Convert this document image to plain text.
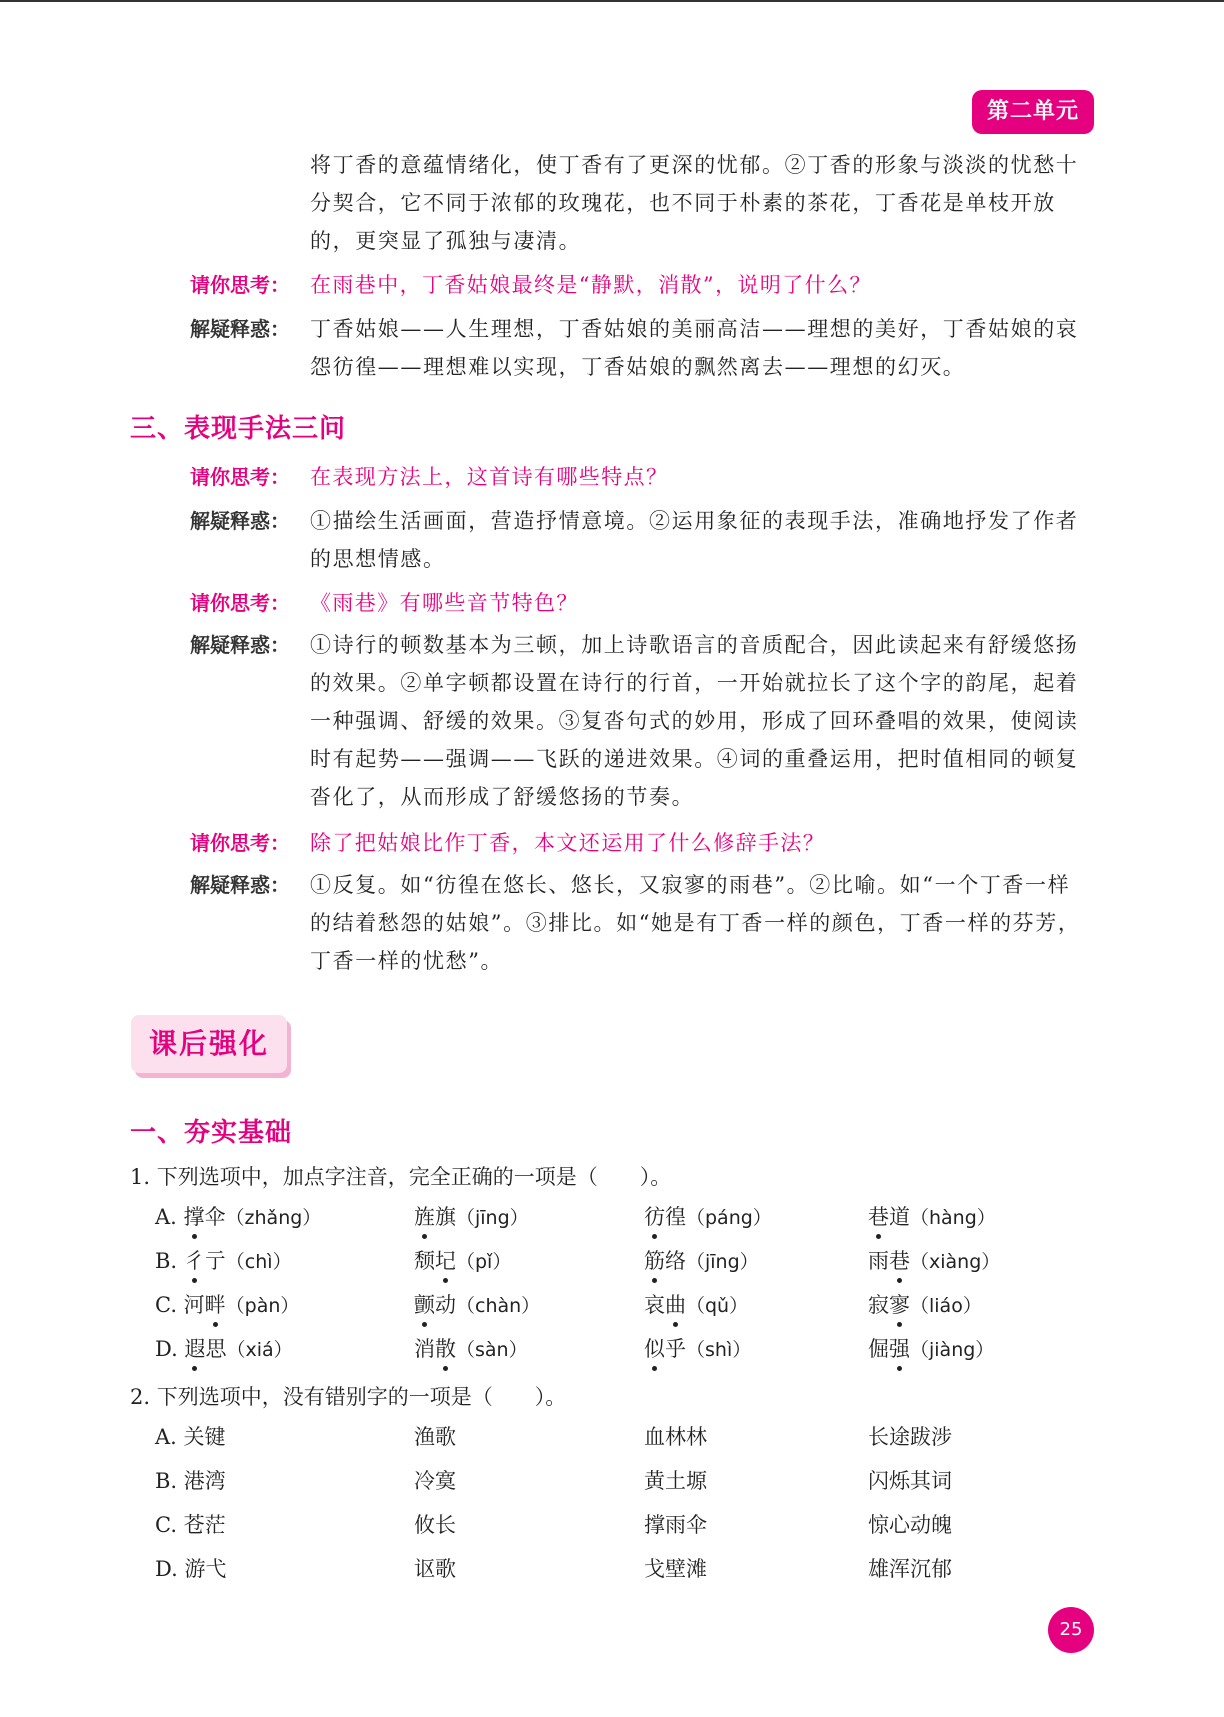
第二单元
将丁香的意蕴情绪化，使丁香有了更深的忧郁。②丁香的形象与淡淡的忧愁十分契合，它不同于浓郁的玫瑰花，也不同于朴素的茶花，丁香花是单枝开放的，更突显了孤独与凄清。
请你思考： 在雨巷中，丁香姑娘最终是“静默，消散”，说明了什么？
解疑释惑： 丁香姑娘——人生理想，丁香姑娘的美丽高洁——理想的美好，丁香姑娘的哀怨彷徨——理想难以实现，丁香姑娘的飘然离去——理想的幻灭。
三、表现手法三问
请你思考： 在表现方法上，这首诗有哪些特点？
解疑释惑： ①描绘生活画面，营造抒情意境。②运用象征的表现手法，准确地抒发了作者的思想情感。
请你思考： 《雨巷》有哪些音节特色？
解疑释惑： ①诗行的顿数基本为三顿，加上诗歌语言的音质配合，因此读起来有舒缓悠扬的效果。②单字顿都设置在诗行的行首，一开始就拉长了这个字的韵尾，起着一种强调、舒缓的效果。③复沓句式的妙用，形成了回环叠唱的效果，使阅读时有起势——强调——飞跃的递进效果。④词的重叠运用，把时值相同的顿复沓化了，从而形成了舒缓悠扬的节奏。
请你思考： 除了把姑娘比作丁香，本文还运用了什么修辞手法？
解疑释惑： ①反复。如“彷徨在悠长、悠长，又寂寥的雨巷”。②比喻。如“一个丁香一样的结着愁怨的姑娘”。③排比。如“她是有丁香一样的颜色，丁香一样的芬芳，丁香一样的忧愁”。
课后强化
一、夯实基础
1. 下列选项中，加点字注音，完全正确的一项是（　　）。
A. 撑伞（zhǎng）	旌旗（jīng）	彷徨（páng）	巷道（hàng）
B. 彳亍（chì）	颓圮（pǐ）	筋络（jīng）	雨巷（xiàng）
C. 河畔（pàn）	颤动（chàn）	哀曲（qǔ）	寂寥（liáo）
D. 遐思（xiá）	消散（sàn）	似乎（shì）	倔强（jiàng）
2. 下列选项中，没有错别字的一项是（　　）。
A. 关键	渔歌	血林林	长途跋涉
B. 港湾	冷寞	黄土塬	闪烁其词
C. 苍茫	攸长	撑雨伞	惊心动魄
D. 游弋	讴歌	戈壁滩	雄浑沉郁
25
